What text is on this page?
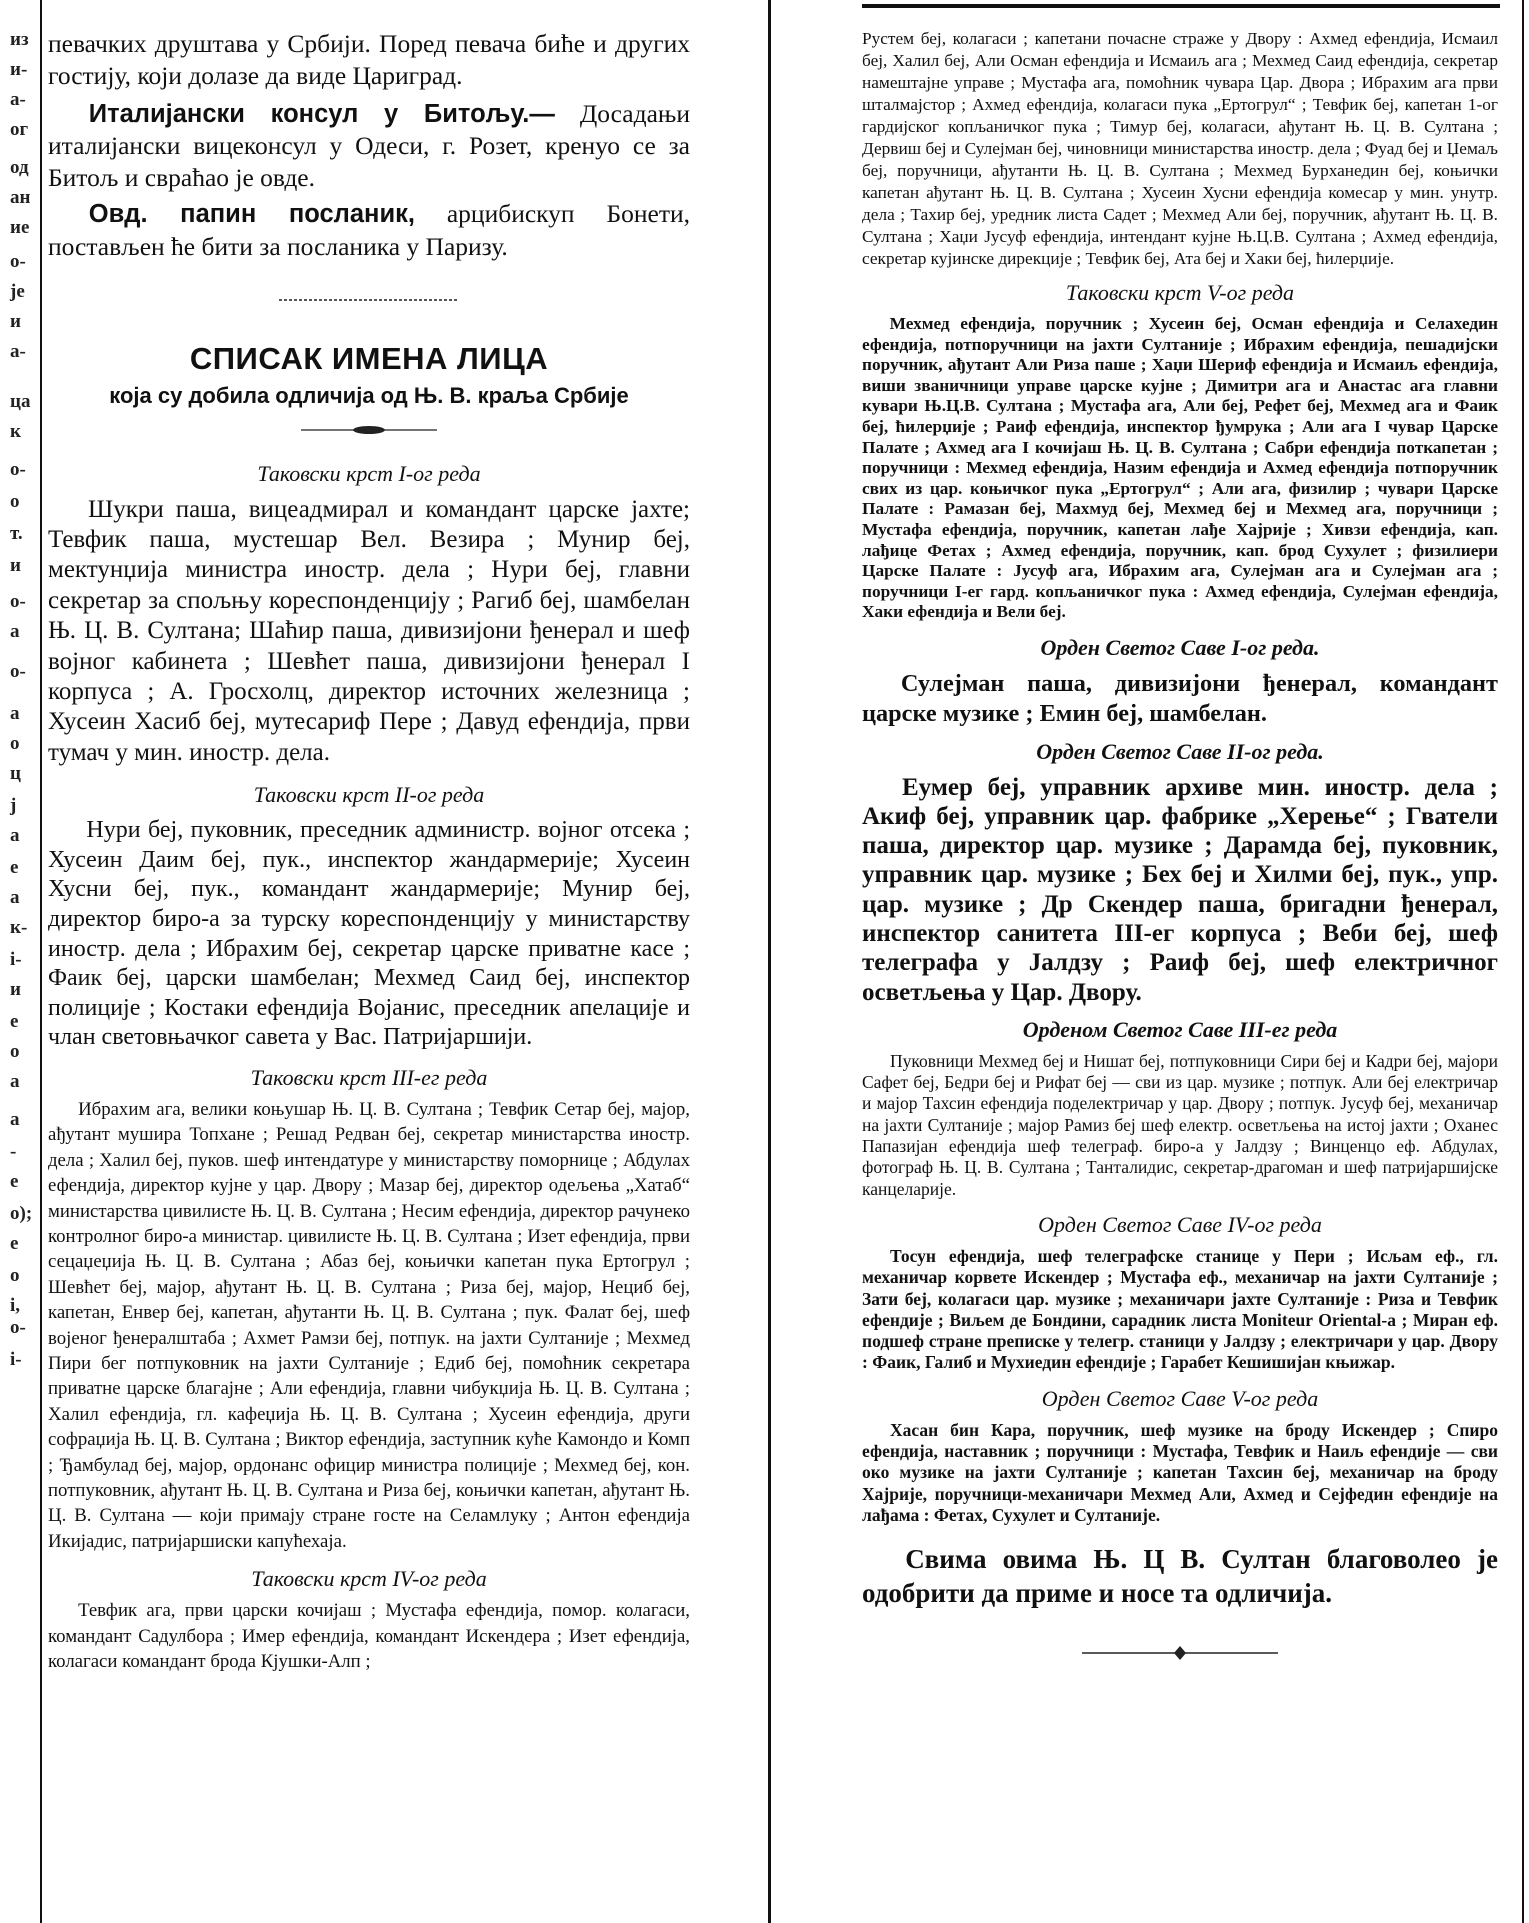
из
и-
а-
ог
од
ан
ие
о-
је
и
а-
ца
к
о-
о
т.
и
о-
а
о-
а
о
ц
ј
а
е
а
к-
і-
и
е
о
а
а
-
е
о);
е
о
і,
о-
і-

певачких друштава у Србији. Поред певача биће и других гостију, који долазе да виде Цариград.

Италијански консул у Битољу.— Досадањи италијански вицеконсул у Одеси, г. Розет, кренуо се за Битољ и свраћао је овде.

Овд. папин посланик, арцибискуп Бонети, постављен ће бити за посланика у Паризу.

СПИСАК ИМЕНА ЛИЦА

која су добила одличија од Њ. В. краља Србије

Таковски крст I-ог реда

Шукри паша, вицеадмирал и командант царске јахте; Тевфик паша, мустешар Вел. Везира ; Мунир беј, мектунџија министра иностр. дела ; Нури беј, главни секретар за спољњу кореспонденцију ; Рагиб беј, шамбелан Њ. Ц. В. Султана; Шаћир паша, дивизијони ђенерал и шеф војног кабинета ; Шевћет паша, дивизијони ђенерал I корпуса ; А. Гросхолц, директор источних железница ; Хусеин Хасиб беј, мутесариф Пере ; Давуд ефендија, први тумач у мин. иностр. дела.

Таковски крст II-ог реда

Нури беј, пуковник, преседник администр. војног отсека ; Хусеин Даим беј, пук., инспектор жандармерије; Хусеин Хусни беј, пук., командант жандармерије; Мунир беј, директор биро-а за турску кореспонденцију у министарству иностр. дела ; Ибрахим беј, секретар царске приватне касе ; Фаик беј, царски шамбелан; Мехмед Саид беј, инспектор полиције ; Костаки ефендија Војанис, преседник апелације и члан световњачког савета у Вас. Патријаршији.

Таковски крст III-ег реда

Ибрахим ага, велики коњушар Њ. Ц. В. Султана ; Тевфик Сетар беј, мајор, ађутант мушира Топхане ; Решад Редван беј, секретар министарства иностр. дела ; Халил беј, пуков. шеф интендатуре у министарству поморнице ; Абдулах ефендија, директор кујне у цар. Двору ; Мазар беј, директор одељења „Хатаб“ министарства цивилисте Њ. Ц. В. Султана ; Несим ефендија, директор рачунеко контролног биро-а министар. цивилисте Њ. Ц. В. Султана ; Изет ефендија, први сецаџеџија Њ. Ц. В. Султана ; Абаз беј, коњички капетан пука Ертогрул ; Шевћет беј, мајор, ађутант Њ. Ц. В. Султана ; Риза беј, мајор, Нециб беј, капетан, Енвер беј, капетан, ађутанти Њ. Ц. В. Султана ; пук. Фалат беј, шеф војеног ђенералштаба ; Ахмет Рамзи беј, потпук. на јахти Султаније ; Мехмед Пири бег потпуковник на јахти Султаније ; Едиб беј, помоћник секретара приватне царске благајне ; Али ефендија, главни чибукџија Њ. Ц. В. Султана ; Халил ефендија, гл. кафеџија Њ. Ц. В. Султана ; Хусеин ефендија, други софраџија Њ. Ц. В. Султана ; Виктор ефендија, заступник куће Камондо и Комп ; Ђамбулад беј, мајор, ордонанс официр министра полиције ; Мехмед беј, кон. потпуковник, ађутант Њ. Ц. В. Султана и Риза беј, коњички капетан, ађутант Њ. Ц. В. Султана — који примају стране госте на Селамлуку ; Антон ефендија Икијадис, патријаршиски капућехаја.

Таковски крст IV-ог реда

Тевфик ага, први царски кочијаш ; Мустафа ефендија, помор. колагаси, командант Садулбора ; Имер ефендија, командант Искендера ; Изет ефендија, колагаси командант брода Кјушки-Алп ;

Рустем беј, колагаси ; капетани почасне страже у Двору : Ахмед ефендија, Исмаил беј, Халил беј, Али Осман ефендија и Исмаиљ ага ; Мехмед Саид ефендија, секретар намештајне управе ; Мустафа ага, помоћник чувара Цар. Двора ; Ибрахим ага први шталмајстор ; Ахмед ефендија, колагаси пука „Ертогрул“ ; Тевфик беј, капетан 1-ог гардијског копљаничког пука ; Тимур беј, колагаси, ађутант Њ. Ц. В. Султана ; Дервиш беј и Сулејман беј, чиновници министарства иностр. дела ; Фуад беј и Џемаљ беј, поручници, ађутанти Њ. Ц. В. Султана ; Мехмед Бурханедин беј, коњички капетан ађутант Њ. Ц. В. Султана ; Хусеин Хусни ефендија комесар у мин. унутр. дела ; Тахир беј, уредник листа Садет ; Мехмед Али беј, поручник, ађутант Њ. Ц. В. Султана ; Хаџи Јусуф ефендија, интендант кујне Њ.Ц.В. Султана ; Ахмед ефендија, секретар кујинске дирекције ; Тевфик беј, Ата беј и Хаки беј, ћилерџије.

Таковски крст V-ог реда

Мехмед ефендија, поручник ; Хусеин беј, Осман ефендија и Селахедин ефендија, потпоручници на јахти Султаније ; Ибрахим ефендија, пешадијски поручник, ађутант Али Риза паше ; Хаџи Шериф ефендија и Исмаиљ ефендија, виши званичници управе царске кујне ; Димитри ага и Анастас ага главни кувари Њ.Ц.В. Султана ; Мустафа ага, Али беј, Рефет беј, Мехмед ага и Фаик беј, ћилерџије ; Раиф ефендија, инспектор ђумрука ; Али ага I чувар Царске Палате ; Ахмед ага I кочијаш Њ. Ц. В. Султана ; Сабри ефендија поткапетан ; поручници : Мехмед ефендија, Назим ефендија и Ахмед ефендија потпоручник свих из цар. коњичког пука „Ертогрул“ ; Али ага, физилир ; чувари Царске Палате : Рамазан беј, Махмуд беј, Мехмед беј и Мехмед ага, поручници ; Мустафа ефендија, поручник, капетан лађе Хајрије ; Хивзи ефендија, кап. лађице Фетах ; Ахмед ефендија, поручник, кап. брод Сухулет ; физилиери Царске Палате : Јусуф ага, Ибрахим ага, Сулејман ага и Сулејман ага ; поручници I-ег гард. копљаничког пука : Ахмед ефендија, Сулејман ефендија, Хаки ефендија и Вели беј.

Орден Светог Саве I-ог реда.

Сулејман паша, дивизијони ђенерал, командант царске музике ; Емин беј, шамбелан.

Орден Светог Саве II-ог реда.

Еумер беј, управник архиве мин. иностр. дела ; Акиф беј, управник цар. фабрике „Херење“ ; Гватели паша, директор цар. музике ; Дарамда беј, пуковник, управник цар. музике ; Бех беј и Хилми беј, пук., упр. цар. музике ; Др Скендер паша, бригадни ђенерал, инспектор санитета III-ег корпуса ; Веби беј, шеф телеграфа у Јалдзу ; Раиф беј, шеф електричног осветљења у Цар. Двору.

Орденом Светог Саве III-ег реда

Пуковници Мехмед беј и Нишат беј, потпуковници Сири беј и Кадри беј, мајори Сафет беј, Бедри беј и Рифат беј — сви из цар. музике ; потпук. Али беј електричар и мајор Тахсин ефендија поделектричар у цар. Двору ; потпук. Јусуф беј, механичар на јахти Султаније ; мајор Рамиз беј шеф електр. осветљења на истој јахти ; Оханес Папазијан ефендија шеф телеграф. биро-а у Јалдзу ; Винценцо еф. Абдулах, фотограф Њ. Ц. В. Султана ; Танталидис, секретар-драгоман и шеф патријаршијске канцеларије.

Орден Светог Саве IV-ог реда

Тосун ефендија, шеф телеграфске станице у Пери ; Исљам еф., гл. механичар корвете Искендер ; Мустафа еф., механичар на јахти Султаније ; Зати беј, колагаси цар. музике ; механичари јахте Султаније : Риза и Тевфик ефендије ; Виљем де Бондини, сарадник листа Moniteur Oriental-а ; Миран еф. подшеф стране преписке у телегр. станици у Јалдзу ; електричари у цар. Двору : Фаик, Галиб и Мухиедин ефендије ; Гарабет Кешишијан књижар.

Орден Светог Саве V-ог реда

Хасан бин Кара, поручник, шеф музике на броду Искендер ; Спиро ефендија, наставник ; поручници : Мустафа, Тевфик и Наиљ ефендије — сви око музике на јахти Султаније ; капетан Тахсин беј, механичар на броду Хајрије, поручници-механичари Мехмед Али, Ахмед и Сејфедин ефендије на лађама : Фетах, Сухулет и Султаније.

Свима овима Њ. Ц В. Султан благоволео је одобрити да приме и носе та одличија.
